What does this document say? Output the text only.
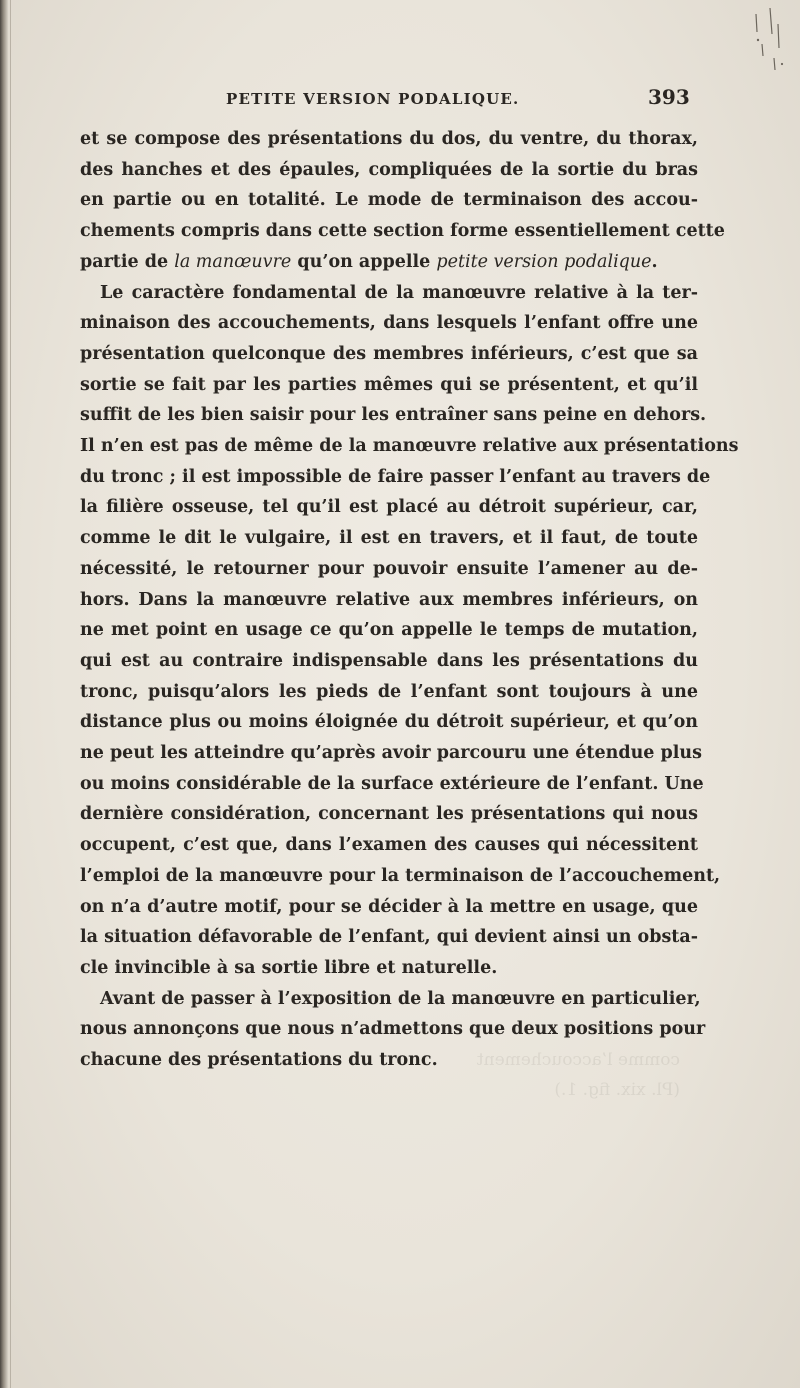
PETITE VERSION PODALIQUE.	393
comme l’accouchement
(Pl. xix. fig. 1.)
et se compose des présentations du dos, du ventre, du thorax,
des hanches et des épaules, compliquées de la sortie du bras
en partie ou en totalité. Le mode de terminaison des accou-
chements compris dans cette section forme essentiellement cette
partie de la manœuvre qu’on appelle petite version podalique.
Le caractère fondamental de la manœuvre relative à la ter-
minaison des accouchements, dans lesquels l’enfant offre une
présentation quelconque des membres inférieurs, c’est que sa
sortie se fait par les parties mêmes qui se présentent, et qu’il
suffit de les bien saisir pour les entraîner sans peine en dehors.
Il n’en est pas de même de la manœuvre relative aux présentations
du tronc ; il est impossible de faire passer l’enfant au travers de
la filière osseuse, tel qu’il est placé au détroit supérieur, car,
comme le dit le vulgaire, il est en travers, et il faut, de toute
nécessité, le retourner pour pouvoir ensuite l’amener au de-
hors. Dans la manœuvre relative aux membres inférieurs, on
ne met point en usage ce qu’on appelle le temps de mutation,
qui est au contraire indispensable dans les présentations du
tronc, puisqu’alors les pieds de l’enfant sont toujours à une
distance plus ou moins éloignée du détroit supérieur, et qu’on
ne peut les atteindre qu’après avoir parcouru une étendue plus
ou moins considérable de la surface extérieure de l’enfant. Une
dernière considération, concernant les présentations qui nous
occupent, c’est que, dans l’examen des causes qui nécessitent
l’emploi de la manœuvre pour la terminaison de l’accouchement,
on n’a d’autre motif, pour se décider à la mettre en usage, que
la situation défavorable de l’enfant, qui devient ainsi un obsta-
cle invincible à sa sortie libre et naturelle.
Avant de passer à l’exposition de la manœuvre en particulier,
nous annonçons que nous n’admettons que deux positions pour
chacune des présentations du tronc.
